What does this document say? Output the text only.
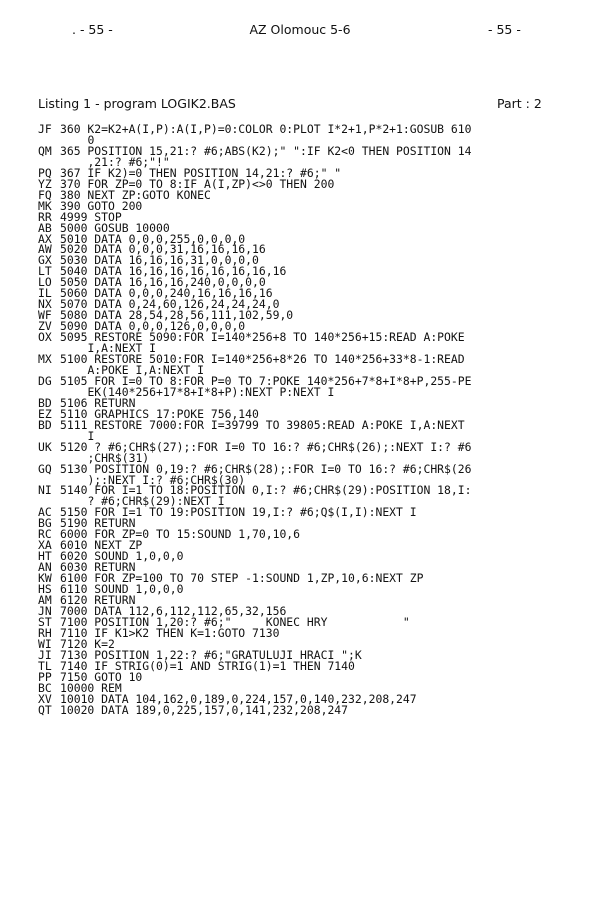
. - 55 -	AZ Olomouc 5-6	- 55 -
Listing 1 - program LOGIK2.BAS	Part : 2
JF 360 K2=K2+A(I,P):A(I,P)=0:COLOR 0:PLOT I*2+1,P*2+1:GOSUB 610
0
QM 365 POSITION 15,21:? #6;ABS(K2);" ":IF K2<0 THEN POSITION 14
,21:? #6;"!"
PQ 367 IF K2)=0 THEN POSITION 14,21:? #6;" "
YZ 370 FOR ZP=0 TO 8:IF A(I,ZP)<>0 THEN 200
FQ 380 NEXT ZP:GOTO KONEC
MK 390 GOTO 200
RR 4999 STOP
AB 5000 GOSUB 10000
AX 5010 DATA 0,0,0,255,0,0,0,0
AW 5020 DATA 0,0,0,31,16,16,16,16
GX 5030 DATA 16,16,16,31,0,0,0,0
LT 5040 DATA 16,16,16,16,16,16,16,16
LO 5050 DATA 16,16,16,240,0,0,0,0
IL 5060 DATA 0,0,0,240,16,16,16,16
NX 5070 DATA 0,24,60,126,24,24,24,0
WF 5080 DATA 28,54,28,56,111,102,59,0
ZV 5090 DATA 0,0,0,126,0,0,0,0
OX 5095 RESTORE 5090:FOR I=140*256+8 TO 140*256+15:READ A:POKE
I,A:NEXT I
MX 5100 RESTORE 5010:FOR I=140*256+8*26 TO 140*256+33*8-1:READ
A:POKE I,A:NEXT I
DG 5105 FOR I=0 TO 8:FOR P=0 TO 7:POKE 140*256+7*8+I*8+P,255-PE
EK(140*256+17*8+I*8+P):NEXT P:NEXT I
BD 5106 RETURN
EZ 5110 GRAPHICS 17:POKE 756,140
BD 5111 RESTORE 7000:FOR I=39799 TO 39805:READ A:POKE I,A:NEXT
I
UK 5120 ? #6;CHR$(27);:FOR I=0 TO 16:? #6;CHR$(26);:NEXT I:? #6
;CHR$(31)
GQ 5130 POSITION 0,19:? #6;CHR$(28);:FOR I=0 TO 16:? #6;CHR$(26
);:NEXT I:? #6;CHR$(30)
NI 5140 FOR I=1 TO 18:POSITION 0,I:? #6;CHR$(29):POSITION 18,I:
? #6;CHR$(29):NEXT I
AC 5150 FOR I=1 TO 19:POSITION 19,I:? #6;Q$(I,I):NEXT I
BG 5190 RETURN
RC 6000 FOR ZP=0 TO 15:SOUND 1,70,10,6
XA 6010 NEXT ZP
HT 6020 SOUND 1,0,0,0
AN 6030 RETURN
KW 6100 FOR ZP=100 TO 70 STEP -1:SOUND 1,ZP,10,6:NEXT ZP
HS 6110 SOUND 1,0,0,0
AM 6120 RETURN
JN 7000 DATA 112,6,112,112,65,32,156
ST 7100 POSITION 1,20:? #6;"     KONEC HRY           "
RH 7110 IF K1>K2 THEN K=1:GOTO 7130
WI 7120 K=2
JI 7130 POSITION 1,22:? #6;"GRATULUJI HRACI ";K
TL 7140 IF STRIG(0)=1 AND STRIG(1)=1 THEN 7140
PP 7150 GOTO 10
BC 10000 REM
XV 10010 DATA 104,162,0,189,0,224,157,0,140,232,208,247
QT 10020 DATA 189,0,225,157,0,141,232,208,247
